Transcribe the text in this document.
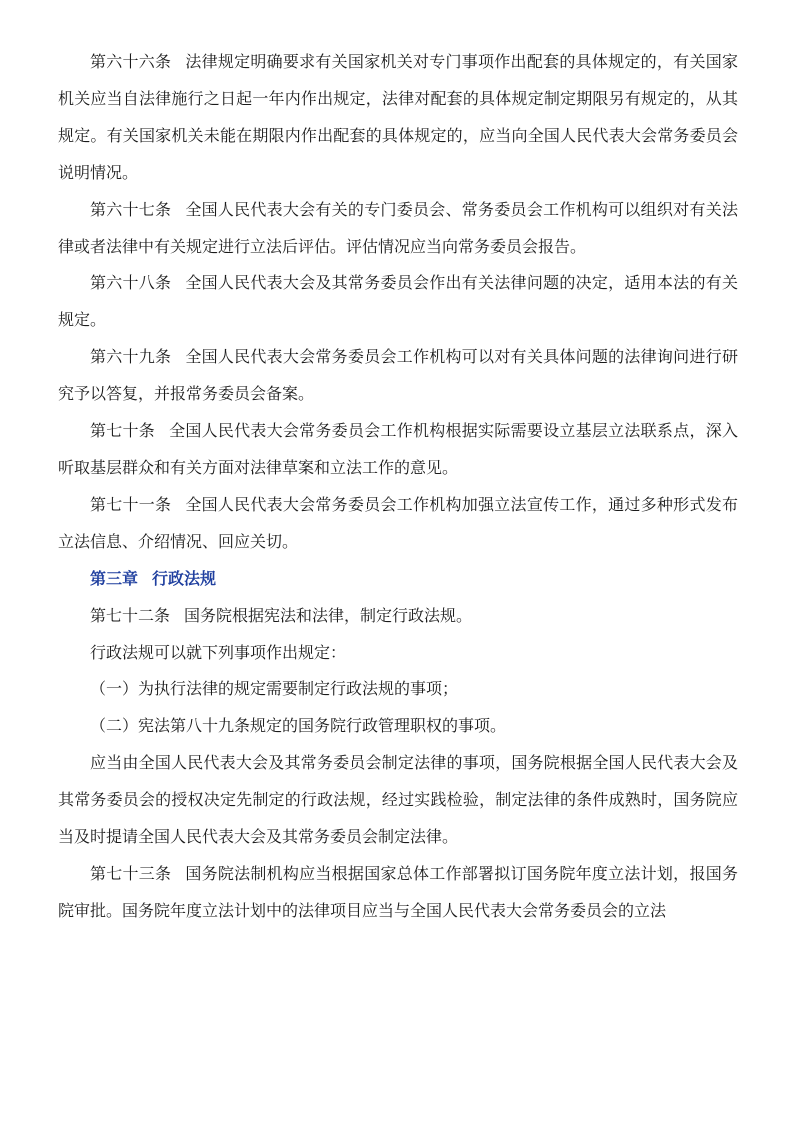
第六十六条 法律规定明确要求有关国家机关对专门事项作出配套的具体规定的，有关国家机关应当自法律施行之日起一年内作出规定，法律对配套的具体规定制定期限另有规定的，从其规定。有关国家机关未能在期限内作出配套的具体规定的，应当向全国人民代表大会常务委员会说明情况。

第六十七条 全国人民代表大会有关的专门委员会、常务委员会工作机构可以组织对有关法律或者法律中有关规定进行立法后评估。评估情况应当向常务委员会报告。

第六十八条 全国人民代表大会及其常务委员会作出有关法律问题的决定，适用本法的有关规定。

第六十九条 全国人民代表大会常务委员会工作机构可以对有关具体问题的法律询问进行研究予以答复，并报常务委员会备案。

第七十条 全国人民代表大会常务委员会工作机构根据实际需要设立基层立法联系点，深入听取基层群众和有关方面对法律草案和立法工作的意见。

第七十一条 全国人民代表大会常务委员会工作机构加强立法宣传工作，通过多种形式发布立法信息、介绍情况、回应关切。

第三章 行政法规

第七十二条 国务院根据宪法和法律，制定行政法规。

行政法规可以就下列事项作出规定：

（一）为执行法律的规定需要制定行政法规的事项；

（二）宪法第八十九条规定的国务院行政管理职权的事项。

应当由全国人民代表大会及其常务委员会制定法律的事项，国务院根据全国人民代表大会及其常务委员会的授权决定先制定的行政法规，经过实践检验，制定法律的条件成熟时，国务院应当及时提请全国人民代表大会及其常务委员会制定法律。

第七十三条 国务院法制机构应当根据国家总体工作部署拟订国务院年度立法计划，报国务院审批。国务院年度立法计划中的法律项目应当与全国人民代表大会常务委员会的立法
